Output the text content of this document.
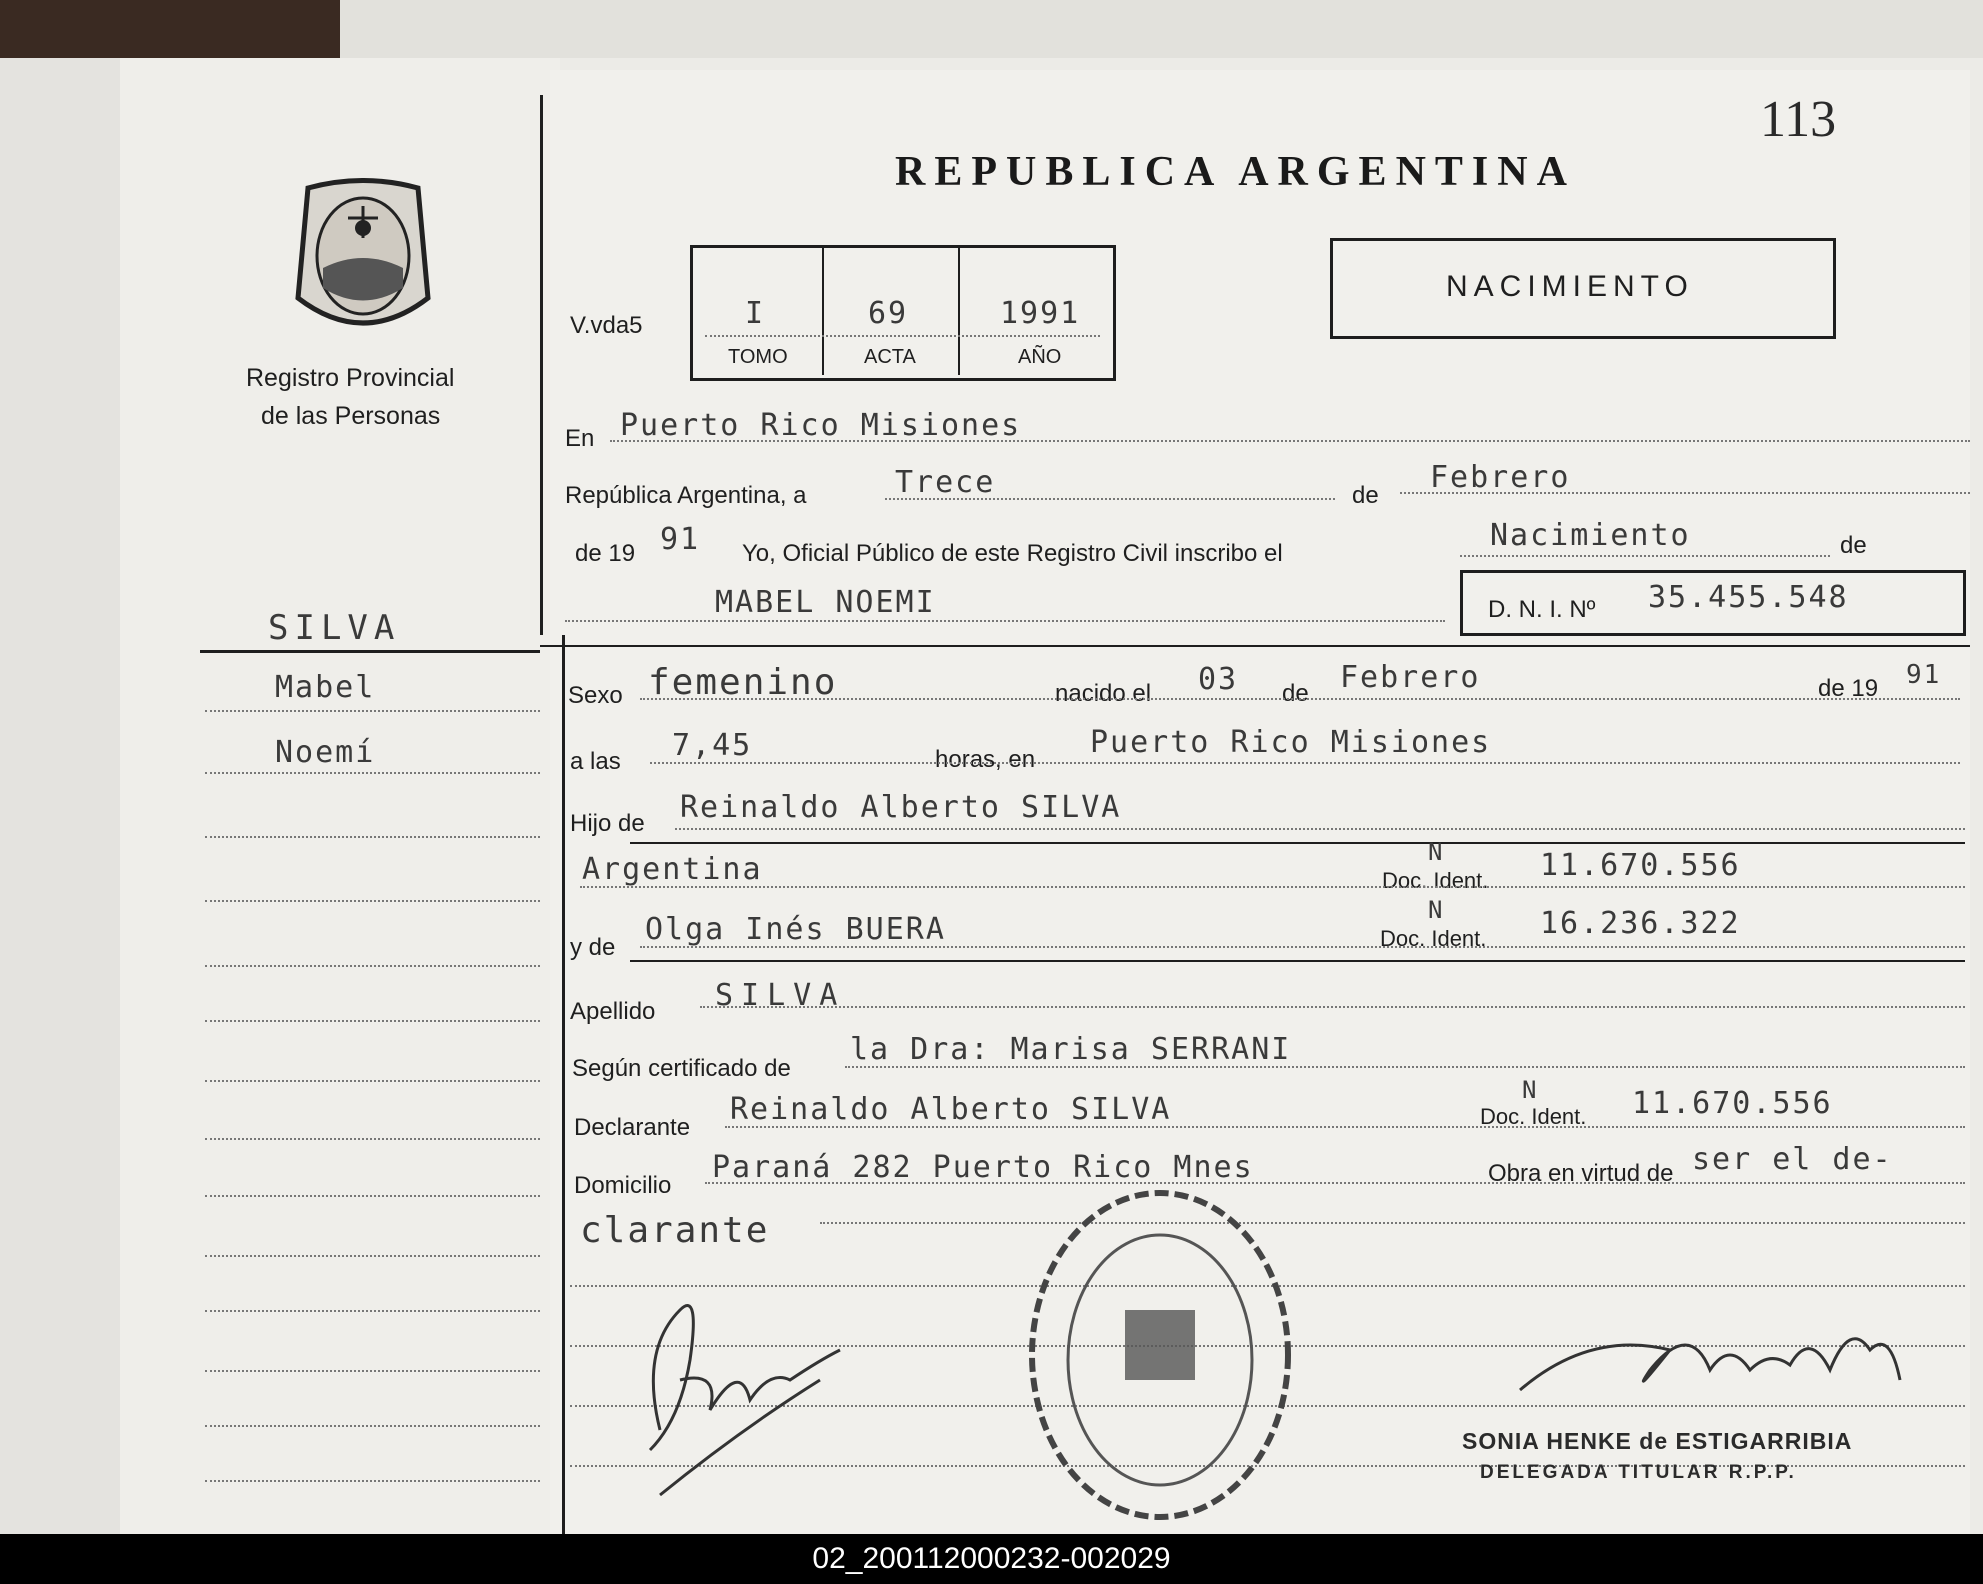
113
REPUBLICA ARGENTINA
Registro Provincial
de las Personas
SILVA
Mabel
Noemí
V.vda5	I	69	1991
TOMO	ACTA	AÑO
NACIMIENTO
En Puerto Rico Misiones
República Argentina, a	Trece	de
Febrero
de 19 91 Yo, Oficial Público de este Registro Civil inscribo el
Nacimiento	de
MABEL NOEMI	D. N. I. Nº 35.455.548
Sexo femenino	nacido el 03 de Febrero	de 19 91
a las 7,45	horas, en Puerto Rico Misiones
Hijo de Reinaldo Alberto SILVA
Argentina	Doc. Ident.
N	11.670.556
y de
Olga Inés BUERA	Doc. Ident.
N	16.236.322
Apellido SILVA
Según certificado de
la Dra: Marisa SERRANI
Declarante
Reinaldo Alberto SILVA	Doc. Ident.
N	11.670.556
Domicilio
Paraná 282 Puerto Rico Mnes	Obra en virtud de ser el de-
clarante
SONIA HENKE de ESTIGARRIBIA
DELEGADA TITULAR R.P.P.
02_200112000232-002029
